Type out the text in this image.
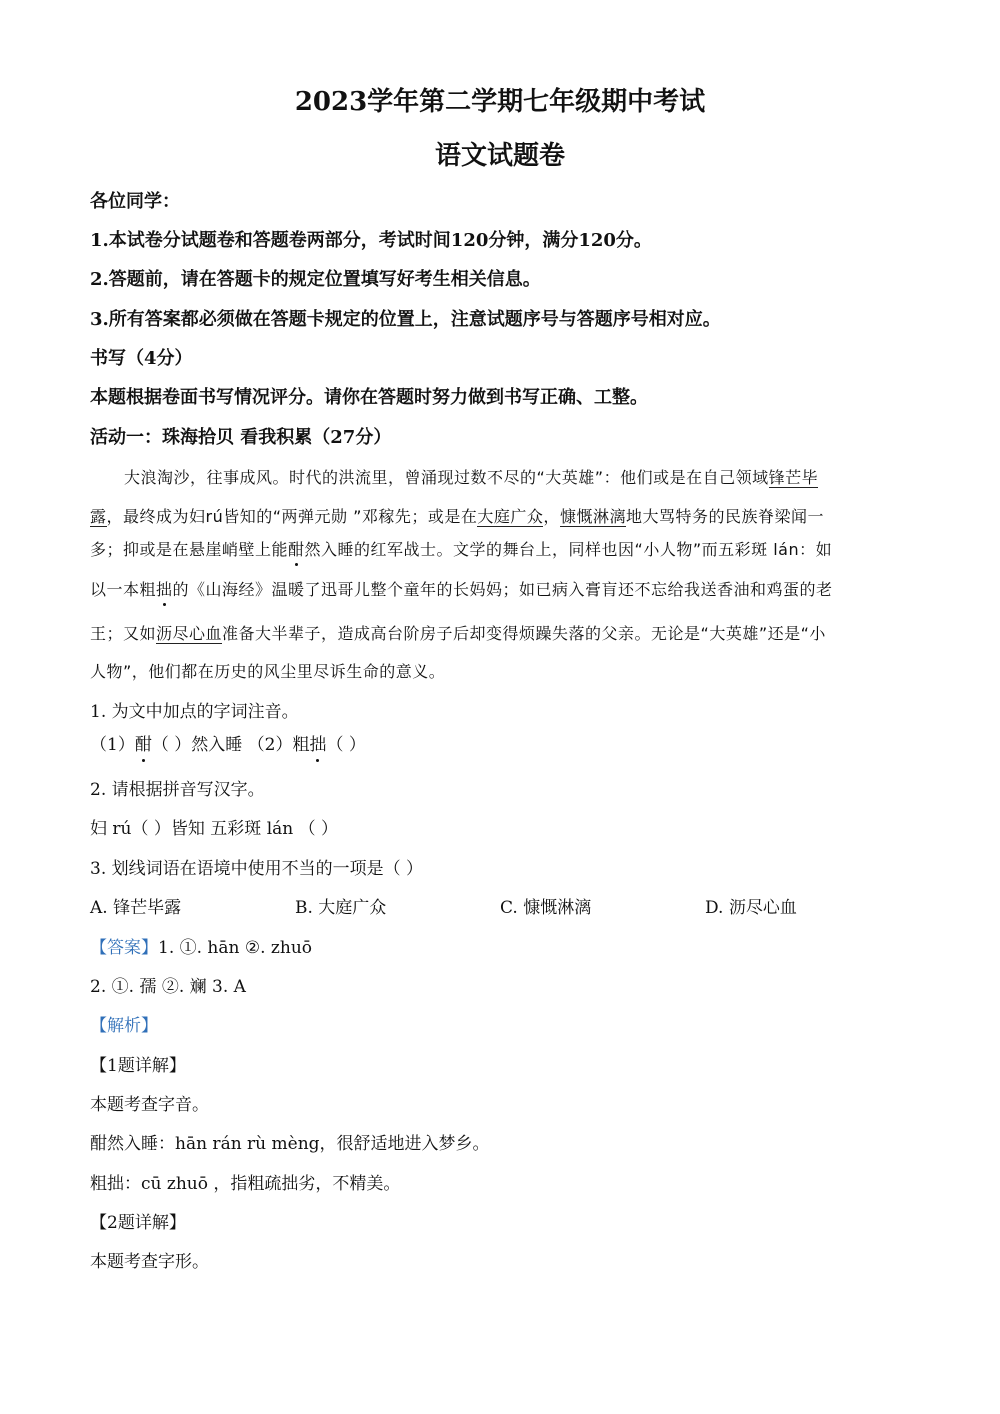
2023学年第二学期七年级期中考试
语文试题卷
各位同学：
1.本试卷分试题卷和答题卷两部分，考试时间120分钟，满分120分。
2.答题前，请在答题卡的规定位置填写好考生相关信息。
3.所有答案都必须做在答题卡规定的位置上，注意试题序号与答题序号相对应。
书写（4分）
本题根据卷面书写情况评分。请你在答题时努力做到书写正确、工整。
活动一：珠海拾贝 看我积累（27分）
大浪淘沙，往事成风。时代的洪流里，曾涌现过数不尽的“大英雄”：他们或是在自己领域锋芒毕
露，最终成为妇rú皆知的“两弹元勋 ”邓稼先；或是在大庭广众，慷慨淋漓地大骂特务的民族脊梁闻一
多；抑或是在悬崖峭壁上能酣然入睡的红军战士。文学的舞台上，同样也因“小人物”而五彩斑 lán：如
以一本粗拙的《山海经》温暖了迅哥儿整个童年的长妈妈；如已病入膏肓还不忘给我送香油和鸡蛋的老
王；又如沥尽心血准备大半辈子，造成高台阶房子后却变得烦躁失落的父亲。无论是“大英雄”还是“小
人物”，他们都在历史的风尘里尽诉生命的意义。
1. 为文中加点的字词注音。
（1）酣（ ）然入睡 （2）粗拙（ ）
2. 请根据拼音写汉字。
妇 rú（ ）皆知 五彩斑 lán （ ）
3. 划线词语在语境中使用不当的一项是（ ）
A. 锋芒毕露	B. 大庭广众	C. 慷慨淋漓	D. 沥尽心血
【答案】1. ①. hān ②. zhuō
2. ①. 孺 ②. 斓 3. A
【解析】
【1题详解】
本题考查字音。
酣然入睡：hān rán rù mèng，很舒适地进入梦乡。
粗拙：cū zhuō ，指粗疏拙劣，不精美。
【2题详解】
本题考查字形。
